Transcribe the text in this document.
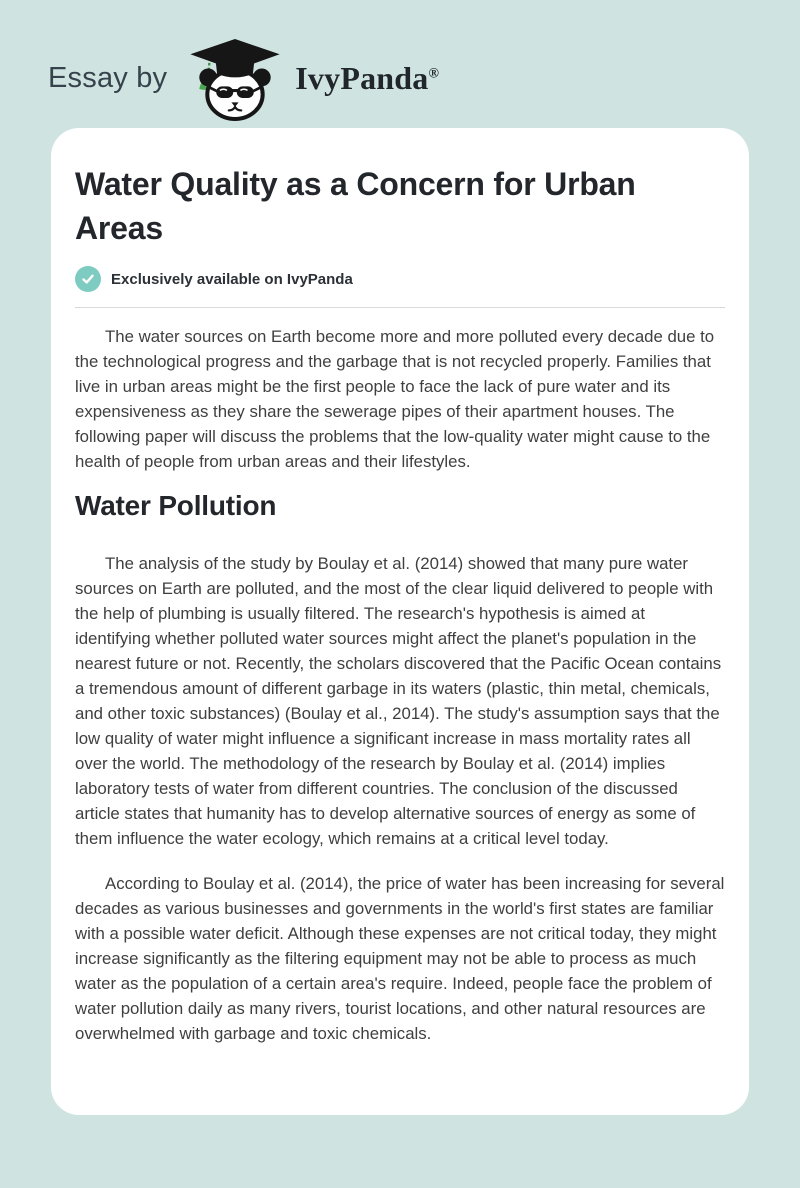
Essay by	IvyPanda®
Water Quality as a Concern for Urban Areas
Exclusively available on IvyPanda

The water sources on Earth become more and more polluted every decade due to the technological progress and the garbage that is not recycled properly. Families that live in urban areas might be the first people to face the lack of pure water and its expensiveness as they share the sewerage pipes of their apartment houses. The following paper will discuss the problems that the low-quality water might cause to the health of people from urban areas and their lifestyles.

Water Pollution

The analysis of the study by Boulay et al. (2014) showed that many pure water sources on Earth are polluted, and the most of the clear liquid delivered to people with the help of plumbing is usually filtered. The research's hypothesis is aimed at identifying whether polluted water sources might affect the planet's population in the nearest future or not. Recently, the scholars discovered that the Pacific Ocean contains a tremendous amount of different garbage in its waters (plastic, thin metal, chemicals, and other toxic substances) (Boulay et al., 2014). The study's assumption says that the low quality of water might influence a significant increase in mass mortality rates all over the world. The methodology of the research by Boulay et al. (2014) implies laboratory tests of water from different countries. The conclusion of the discussed article states that humanity has to develop alternative sources of energy as some of them influence the water ecology, which remains at a critical level today.

According to Boulay et al. (2014), the price of water has been increasing for several decades as various businesses and governments in the world's first states are familiar with a possible water deficit. Although these expenses are not critical today, they might increase significantly as the filtering equipment may not be able to process as much water as the population of a certain area's require. Indeed, people face the problem of water pollution daily as many rivers, tourist locations, and other natural resources are overwhelmed with garbage and toxic chemicals.
